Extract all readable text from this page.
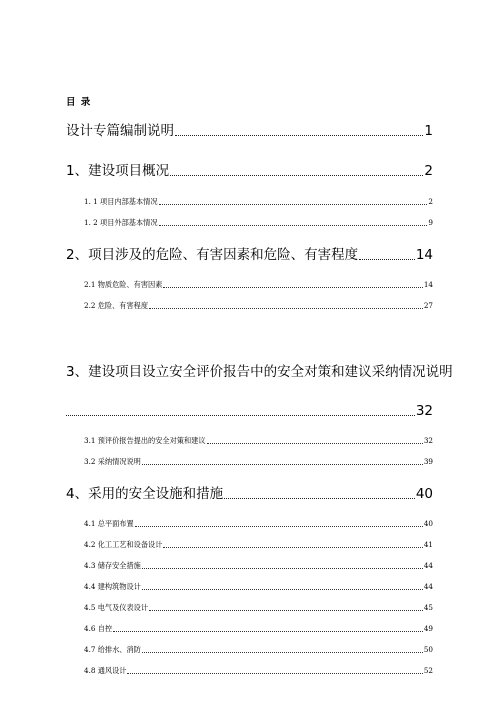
目 录
设计专篇编制说明	1
1、建设项目概况	2
1. 1 项目内部基本情况	2
1. 2 项目外部基本情况	9
2、项目涉及的危险、有害因素和危险、有害程度	14
2.1 物质危险、有害因素	14
2.2 危险、有害程度	27
3、建设项目设立安全评价报告中的安全对策和建议采纳情况说明
32
3.1 预评价报告提出的安全对策和建议	32
3.2 采纳情况说明	39
4、采用的安全设施和措施	40
4.1 总平面布置	40
4.2 化工工艺和设备设计	41
4.3 储存安全措施	44
4.4 建构筑物设计	44
4.5 电气及仪表设计	45
4.6 自控	49
4.7 给排水、消防	50
4.8 通风设计	52
